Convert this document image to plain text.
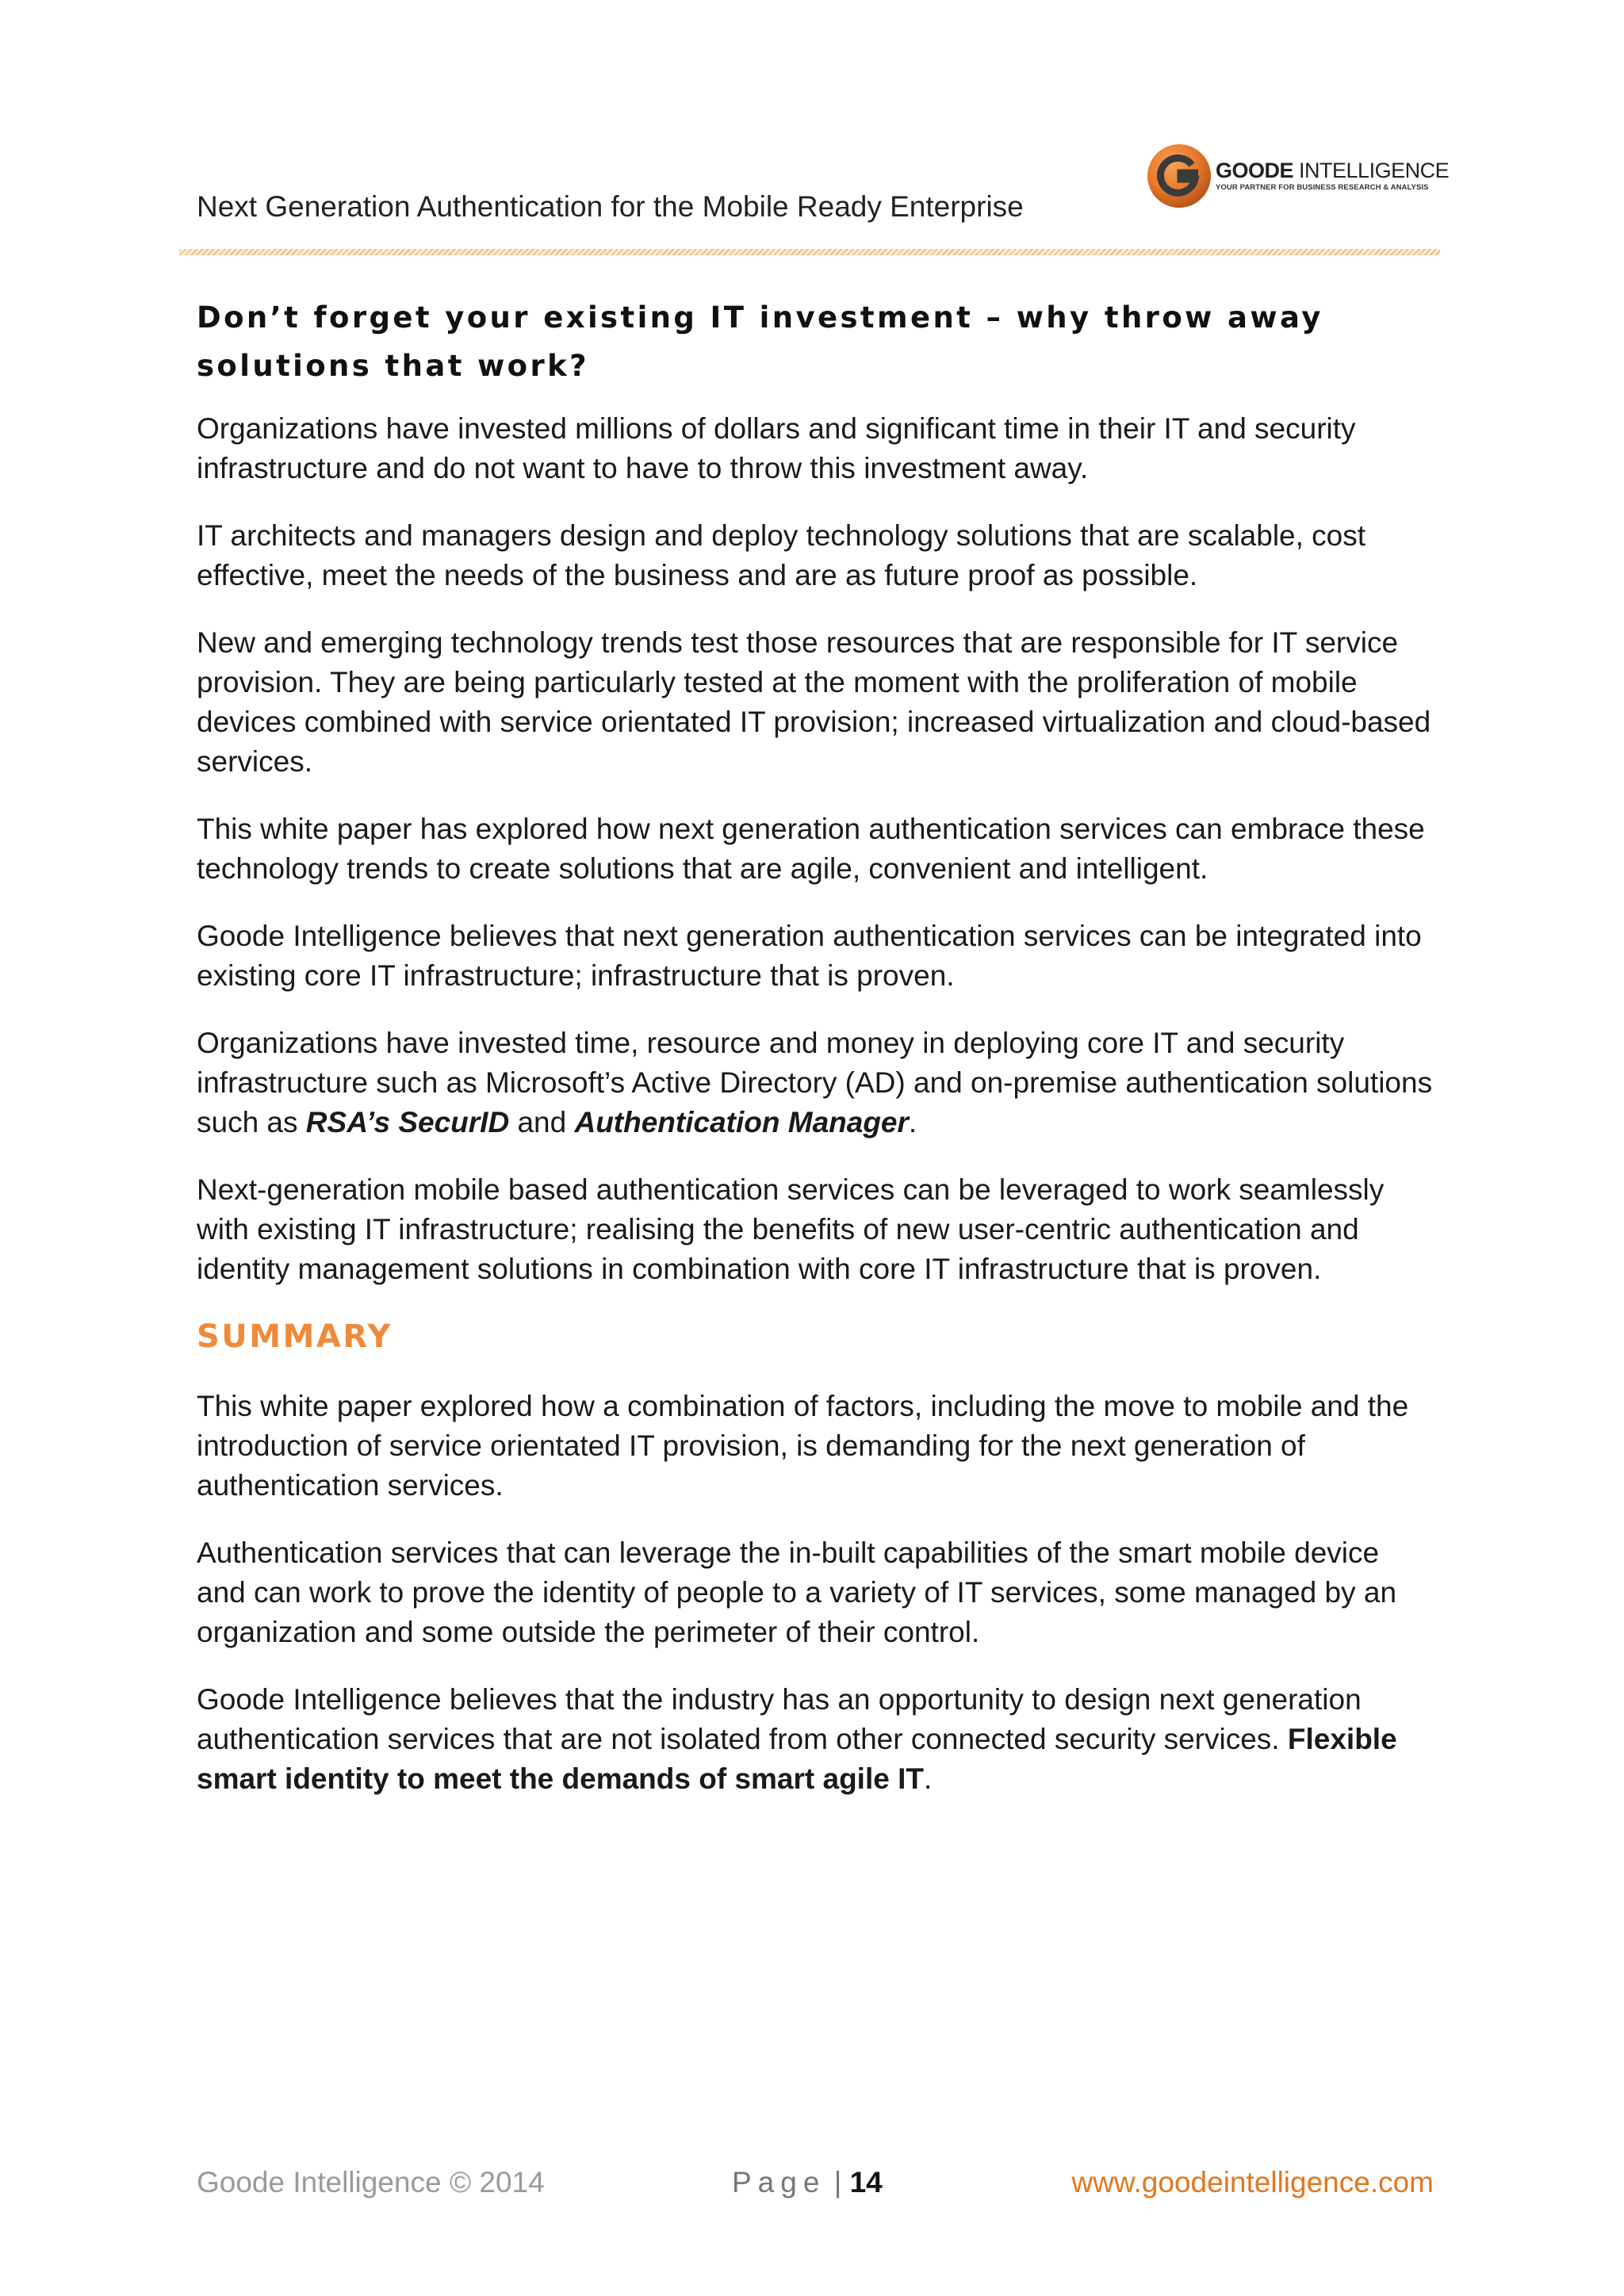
Next Generation Authentication for the Mobile Ready Enterprise

GOODE INTELLIGENCE
YOUR PARTNER FOR BUSINESS RESEARCH & ANALYSIS
Don’t forget your existing IT investment – why throw away
solutions that work?

Organizations have invested millions of dollars and significant time in their IT and security infrastructure and do not want to have to throw this investment away.

IT architects and managers design and deploy technology solutions that are scalable, cost effective, meet the needs of the business and are as future proof as possible.

New and emerging technology trends test those resources that are responsible for IT service provision. They are being particularly tested at the moment with the proliferation of mobile devices combined with service orientated IT provision; increased virtualization and cloud-based services.

This white paper has explored how next generation authentication services can embrace these technology trends to create solutions that are agile, convenient and intelligent.

Goode Intelligence believes that next generation authentication services can be integrated into existing core IT infrastructure; infrastructure that is proven.

Organizations have invested time, resource and money in deploying core IT and security infrastructure such as Microsoft’s Active Directory (AD) and on-premise authentication solutions such as RSA’s SecurID and Authentication Manager.

Next-generation mobile based authentication services can be leveraged to work seamlessly with existing IT infrastructure; realising the benefits of new user-centric authentication and identity management solutions in combination with core IT infrastructure that is proven.

SUMMARY

This white paper explored how a combination of factors, including the move to mobile and the introduction of service orientated IT provision, is demanding for the next generation of authentication services.

Authentication services that can leverage the in-built capabilities of the smart mobile device and can work to prove the identity of people to a variety of IT services, some managed by an organization and some outside the perimeter of their control.

Goode Intelligence believes that the industry has an opportunity to design next generation authentication services that are not isolated from other connected security services. Flexible smart identity to meet the demands of smart agile IT.

Goode Intelligence © 2014	Page | 14	www.goodeintelligence.com
